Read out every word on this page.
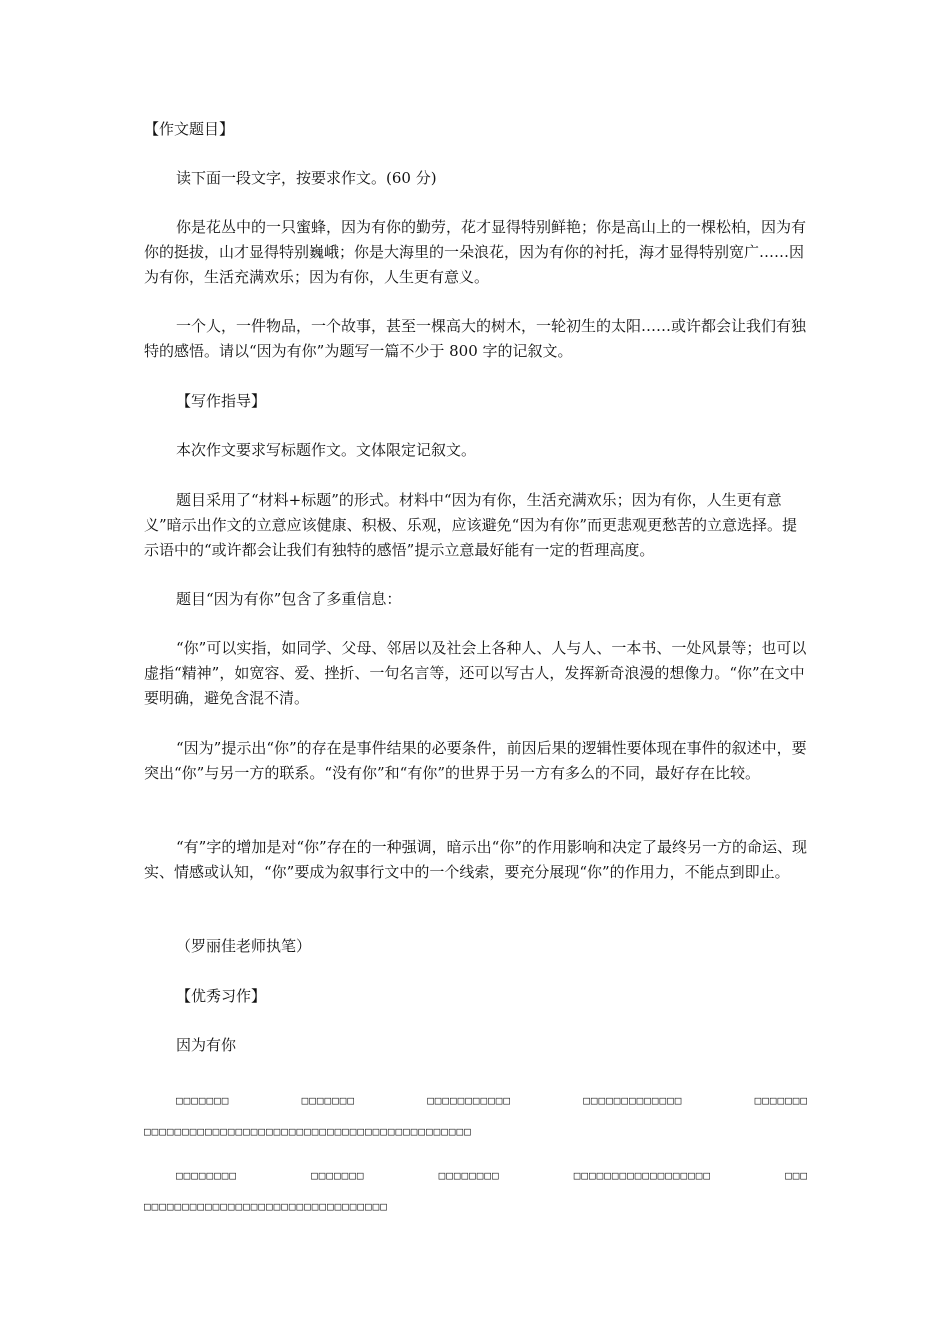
【作文题目】

读下面一段文字，按要求作文。(60 分)

你是花丛中的一只蜜蜂，因为有你的勤劳，花才显得特别鲜艳；你是高山上的一棵松柏，因为有你的挺拔，山才显得特别巍峨；你是大海里的一朵浪花，因为有你的衬托，海才显得特别宽广……因为有你，生活充满欢乐；因为有你，人生更有意义。

一个人，一件物品，一个故事，甚至一棵高大的树木，一轮初生的太阳……或许都会让我们有独特的感悟。请以“因为有你”为题写一篇不少于 800 字的记叙文。

【写作指导】

本次作文要求写标题作文。文体限定记叙文。

题目采用了“材料+标题”的形式。材料中“因为有你，生活充满欢乐；因为有你，人生更有意义”暗示出作文的立意应该健康、积极、乐观，应该避免“因为有你”而更悲观更愁苦的立意选择。提示语中的“或许都会让我们有独特的感悟”提示立意最好能有一定的哲理高度。

题目“因为有你”包含了多重信息：

“你”可以实指，如同学、父母、邻居以及社会上各种人、人与人、一本书、一处风景等；也可以虚指“精神”，如宽容、爱、挫折、一句名言等，还可以写古人，发挥新奇浪漫的想像力。“你”在文中要明确，避免含混不清。

“因为”提示出“你”的存在是事件结果的必要条件，前因后果的逻辑性要体现在事件的叙述中，要突出“你”与另一方的联系。“没有你”和“有你”的世界于另一方有多么的不同，最好存在比较。

“有”字的增加是对“你”存在的一种强调，暗示出“你”的作用影响和决定了最终另一方的命运、现实、情感或认知，“你”要成为叙事行文中的一个线索，要充分展现“你”的作用力，不能点到即止。

（罗丽佳老师执笔）

【优秀习作】

因为有你

□□□□□□□	□□□□□□□	□□□□□□□□□□□	□□□□□□□□□□□□□	□□□□□□□
□□□□□□□□□□□□□□□□□□□□□□□□□□□□□□□□□□□□□□□□□□□
□□□□□□□□	□□□□□□□	□□□□□□□□	□□□□□□□□□□□□□□□□□□	□□□
□□□□□□□□□□□□□□□□□□□□□□□□□□□□□□□□
